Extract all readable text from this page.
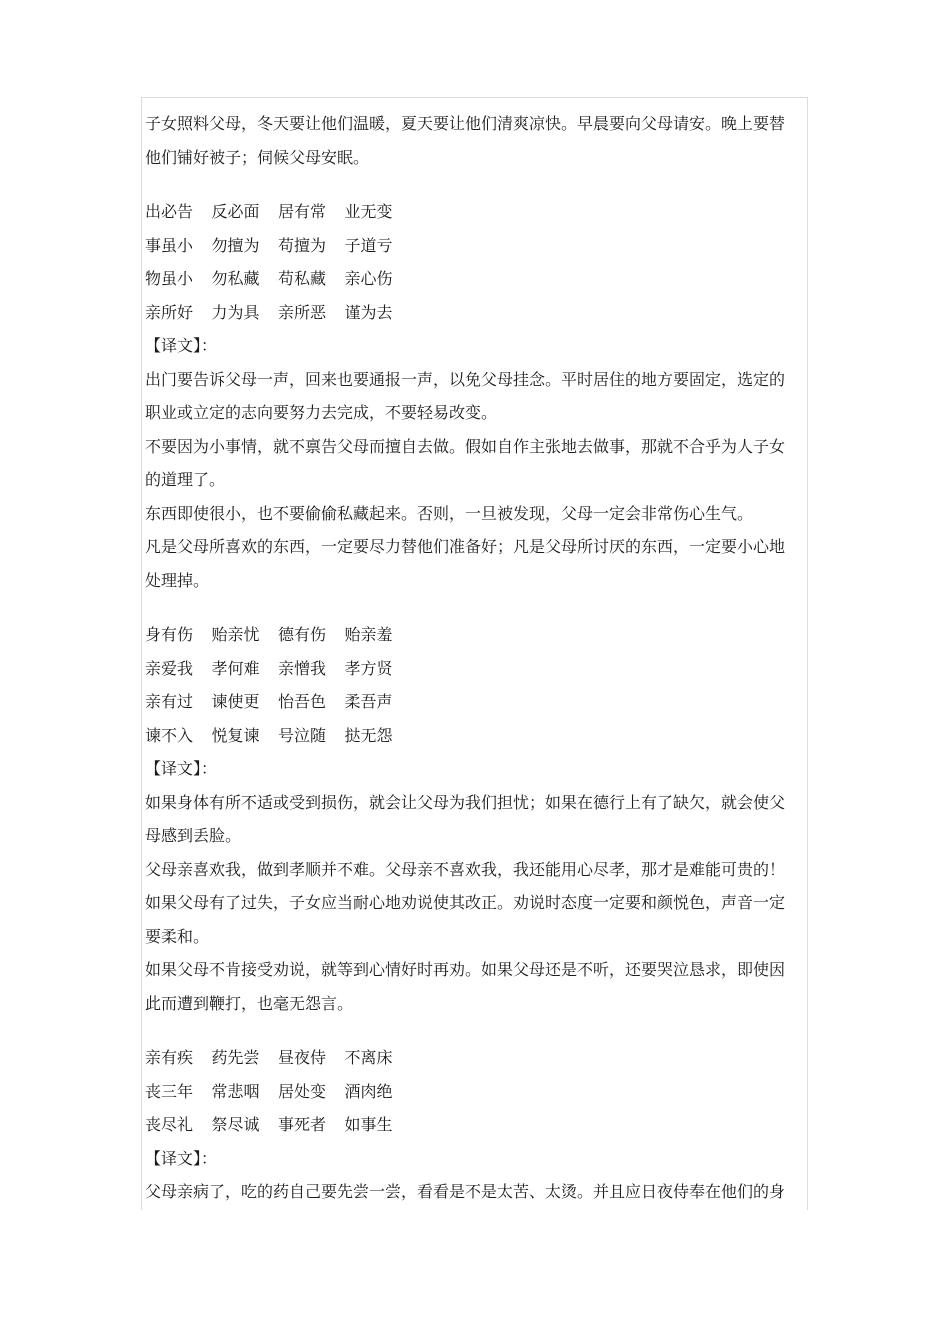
子女照料父母，冬天要让他们温暖，夏天要让他们清爽凉快。早晨要向父母请安。晚上要替

他们铺好被子；伺候父母安眠。

出必告 反必面 居有常 业无变

事虽小 勿擅为 苟擅为 子道亏

物虽小 勿私藏 苟私藏 亲心伤

亲所好 力为具 亲所恶 谨为去

【译文】：

出门要告诉父母一声，回来也要通报一声，以免父母挂念。平时居住的地方要固定，选定的

职业或立定的志向要努力去完成，不要轻易改变。

不要因为小事情，就不禀告父母而擅自去做。假如自作主张地去做事，那就不合乎为人子女

的道理了。

东西即使很小，也不要偷偷私藏起来。否则，一旦被发现，父母一定会非常伤心生气。

凡是父母所喜欢的东西，一定要尽力替他们准备好；凡是父母所讨厌的东西，一定要小心地

处理掉。

身有伤 贻亲忧 德有伤 贻亲羞

亲爱我 孝何难 亲憎我 孝方贤

亲有过 谏使更 怡吾色 柔吾声

谏不入 悦复谏 号泣随 挞无怨

【译文】：

如果身体有所不适或受到损伤，就会让父母为我们担忧；如果在德行上有了缺欠，就会使父

母感到丢脸。

父母亲喜欢我，做到孝顺并不难。父母亲不喜欢我，我还能用心尽孝，那才是难能可贵的！

如果父母有了过失，子女应当耐心地劝说使其改正。劝说时态度一定要和颜悦色，声音一定

要柔和。

如果父母不肯接受劝说，就等到心情好时再劝。如果父母还是不听，还要哭泣恳求，即使因

此而遭到鞭打，也毫无怨言。

亲有疾 药先尝 昼夜侍 不离床

丧三年 常悲咽 居处变 酒肉绝

丧尽礼 祭尽诚 事死者 如事生

【译文】：

父母亲病了，吃的药自己要先尝一尝，看看是不是太苦、太烫。并且应日夜侍奉在他们的身
